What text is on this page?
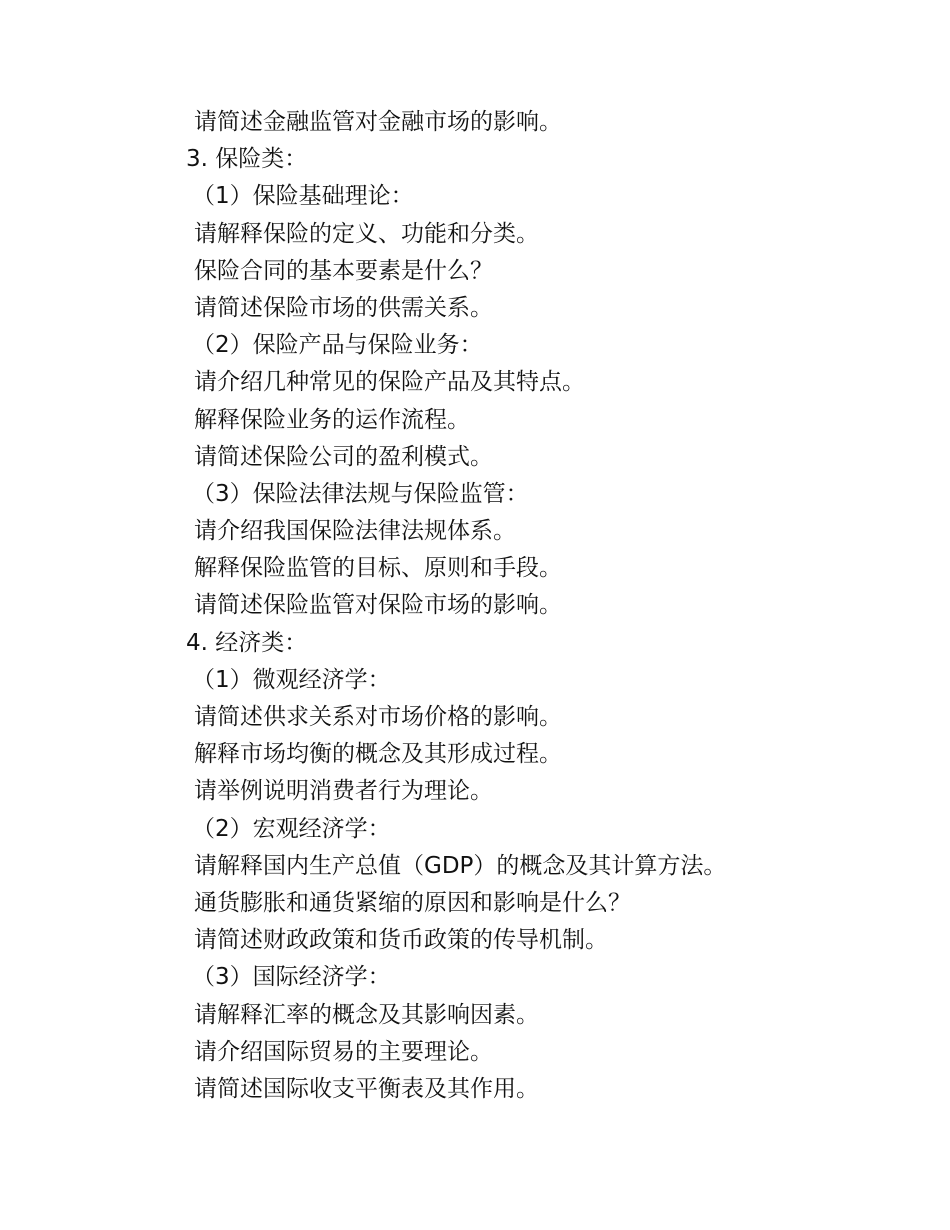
请简述金融监管对金融市场的影响。
3. 保险类：
（1）保险基础理论：
请解释保险的定义、功能和分类。
保险合同的基本要素是什么？
请简述保险市场的供需关系。
（2）保险产品与保险业务：
请介绍几种常见的保险产品及其特点。
解释保险业务的运作流程。
请简述保险公司的盈利模式。
（3）保险法律法规与保险监管：
请介绍我国保险法律法规体系。
解释保险监管的目标、原则和手段。
请简述保险监管对保险市场的影响。
4. 经济类：
（1）微观经济学：
请简述供求关系对市场价格的影响。
解释市场均衡的概念及其形成过程。
请举例说明消费者行为理论。
（2）宏观经济学：
请解释国内生产总值（GDP）的概念及其计算方法。
通货膨胀和通货紧缩的原因和影响是什么？
请简述财政政策和货币政策的传导机制。
（3）国际经济学：
请解释汇率的概念及其影响因素。
请介绍国际贸易的主要理论。
请简述国际收支平衡表及其作用。
